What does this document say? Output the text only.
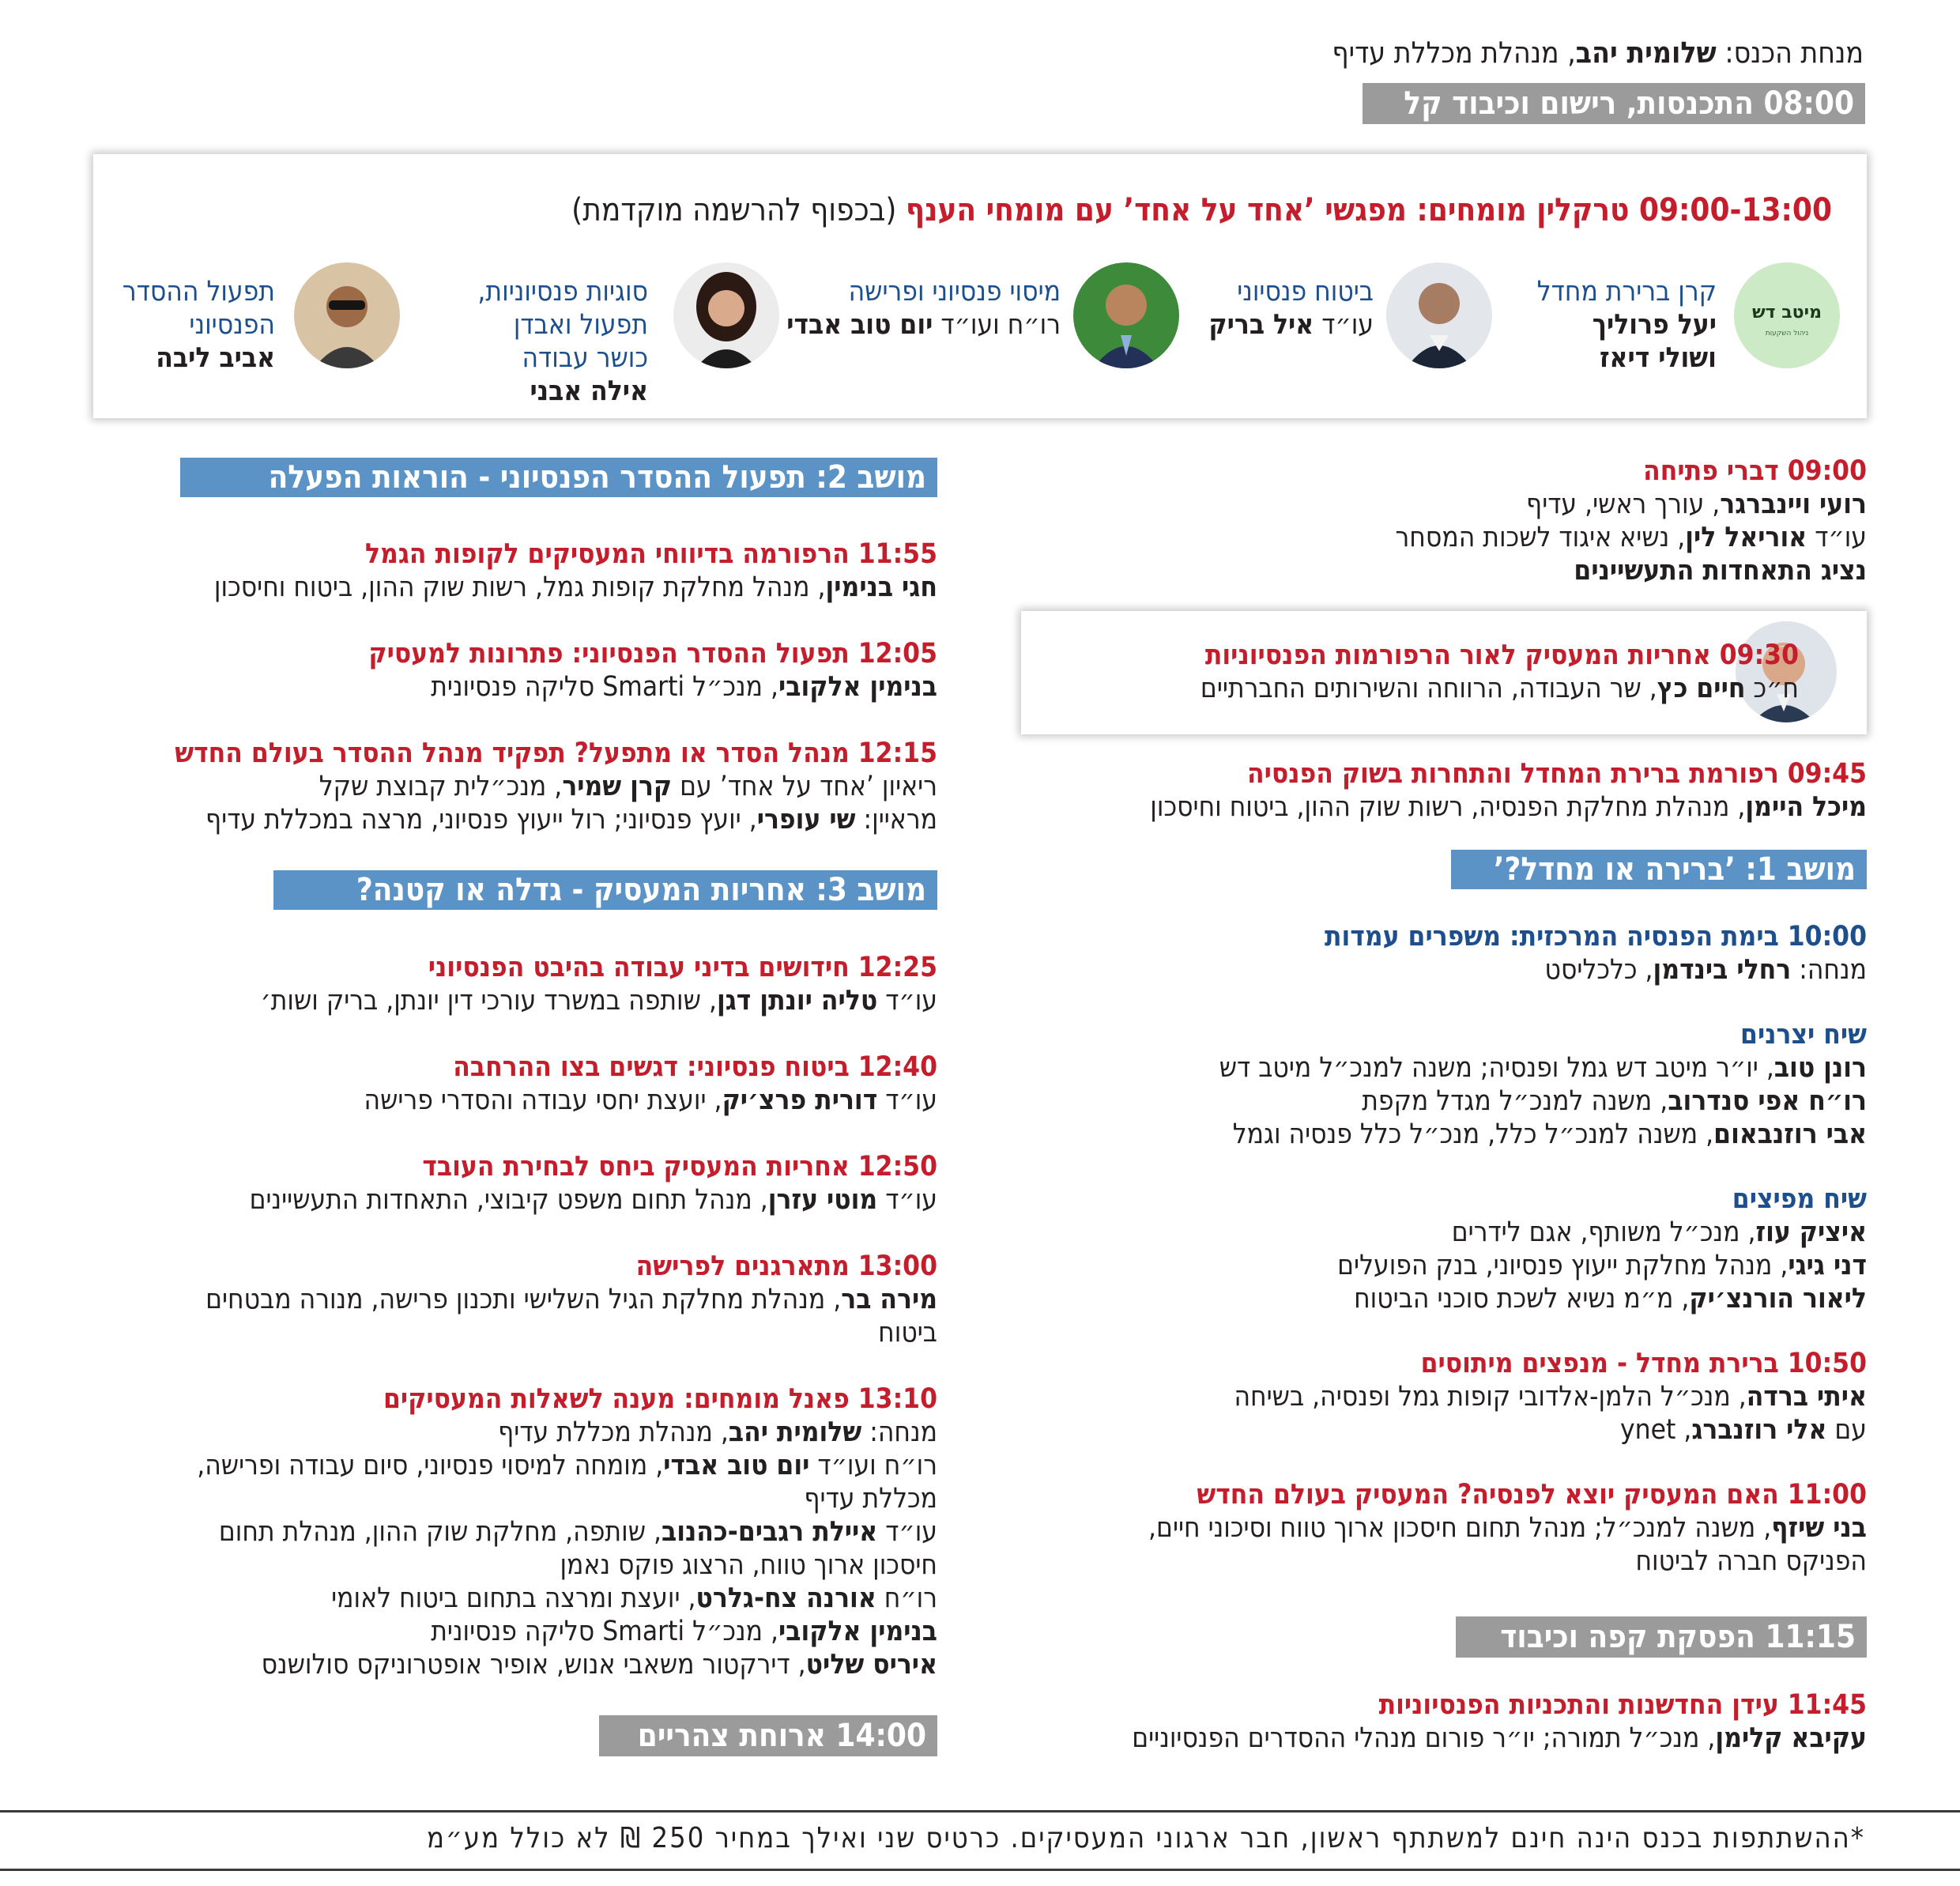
מנחת הכנס: שלומית יהב, מנהלת מכללת עדיף
08:00 התכנסות, רישום וכיבוד קל
09:00-13:00 טרקלין מומחים: מפגשי ’אחד על אחד’ עם מומחי הענף (בכפוף להרשמה מוקדמת)
מיטב דש
ניהול השקעות
קרן ברירת מחדל
יעל פרוליך
ושולי דיאז
ביטוח פנסיוני
עו״ד איל בריק
מיסוי פנסיוני ופרישה
רו״ח ועו״ד יום טוב אבדי
סוגיות פנסיוניות,
תפעול ואבדן
כושר עבודה
אילה אבני
תפעול ההסדר
הפנסיוני
אביב ליבה
09:00 דברי פתיחה
רועי ויינברגר, עורך ראשי, עדיף
עו״ד אוריאל לין, נשיא איגוד לשכות המסחר
נציג התאחדות התעשיינים
09:30 אחריות המעסיק לאור הרפורמות הפנסיוניות
ח״כ חיים כץ, שר העבודה, הרווחה והשירותים החברתיים
09:45 רפורמת ברירת המחדל והתחרות בשוק הפנסיה
מיכל היימן, מנהלת מחלקת הפנסיה, רשות שוק ההון, ביטוח וחיסכון
מושב 1: ’ברירה או מחדל?’
10:00 בימת הפנסיה המרכזית: משפרים עמדות
מנחה: רחלי בינדמן, כלכליסט
שיח יצרנים
רונן טוב, יו״ר מיטב דש גמל ופנסיה; משנה למנכ״ל מיטב דש
רו״ח אפי סנדרוב, משנה למנכ״ל מגדל מקפת
אבי רוזנבאום, משנה למנכ״ל כלל, מנכ״ל כלל פנסיה וגמל
שיח מפיצים
איציק עוז, מנכ״ל משותף, אגם לידרים
דני גיגי, מנהל מחלקת ייעוץ פנסיוני, בנק הפועלים
ליאור הורנצ׳יק, מ״מ נשיא לשכת סוכני הביטוח
10:50 ברירת מחדל - מנפצים מיתוסים
איתי ברדה, מנכ״ל הלמן-אלדובי קופות גמל ופנסיה, בשיחה
עם אלי רוזנברג, ynet
11:00 האם המעסיק יוצא לפנסיה? המעסיק בעולם החדש
בני שיזף, משנה למנכ״ל; מנהל תחום חיסכון ארוך טווח וסיכוני חיים,
הפניקס חברה לביטוח
11:15 הפסקת קפה וכיבוד
11:45 עידן החדשנות והתכניות הפנסיוניות
עקיבא קלימן, מנכ״ל תמורה; יו״ר פורום מנהלי ההסדרים הפנסיוניים
מושב 2: תפעול ההסדר הפנסיוני - הוראות הפעלה
11:55 הרפורמה בדיווחי המעסיקים לקופות הגמל
חגי בנימין, מנהל מחלקת קופות גמל, רשות שוק ההון, ביטוח וחיסכון
12:05 תפעול ההסדר הפנסיוני: פתרונות למעסיק
בנימין אלקובי, מנכ״ל Smarti סליקה פנסיונית
12:15 מנהל הסדר או מתפעל? תפקיד מנהל ההסדר בעולם החדש
ריאיון ’אחד על אחד’ עם קרן שמיר, מנכ״לית קבוצת שקל
מראיין: שי עופרי, יועץ פנסיוני; רול ייעוץ פנסיוני, מרצה במכללת עדיף
מושב 3: אחריות המעסיק - גדלה או קטנה?
12:25 חידושים בדיני עבודה בהיבט הפנסיוני
עו״ד טליה יונתן דגן, שותפה במשרד עורכי דין יונתן, בריק ושות׳
12:40 ביטוח פנסיוני: דגשים בצו ההרחבה
עו״ד דורית פרצ׳יק, יועצת יחסי עבודה והסדרי פרישה
12:50 אחריות המעסיק ביחס לבחירת העובד
עו״ד מוטי עזרן, מנהל תחום משפט קיבוצי, התאחדות התעשיינים
13:00 מתארגנים לפרישה
מירה בר, מנהלת מחלקת הגיל השלישי ותכנון פרישה, מנורה מבטחים
ביטוח
13:10 פאנל מומחים: מענה לשאלות המעסיקים
מנחה: שלומית יהב, מנהלת מכללת עדיף
רו״ח ועו״ד יום טוב אבדי, מומחה למיסוי פנסיוני, סיום עבודה ופרישה,
מכללת עדיף
עו״ד איילת רגבים-כהנוב, שותפה, מחלקת שוק ההון, מנהלת תחום
חיסכון ארוך טווח, הרצוג פוקס נאמן
רו״ח אורנה צח-גלרט, יועצת ומרצה בתחום ביטוח לאומי
בנימין אלקובי, מנכ״ל Smarti סליקה פנסיונית
איריס שליט, דירקטור משאבי אנוש, אופיר אופטרוניקס סולושנס
14:00 ארוחת צהריים
*ההשתתפות בכנס הינה חינם למשתתף ראשון, חבר ארגוני המעסיקים. כרטיס שני ואילך במחיר 250 ₪ לא כולל מע״מ
